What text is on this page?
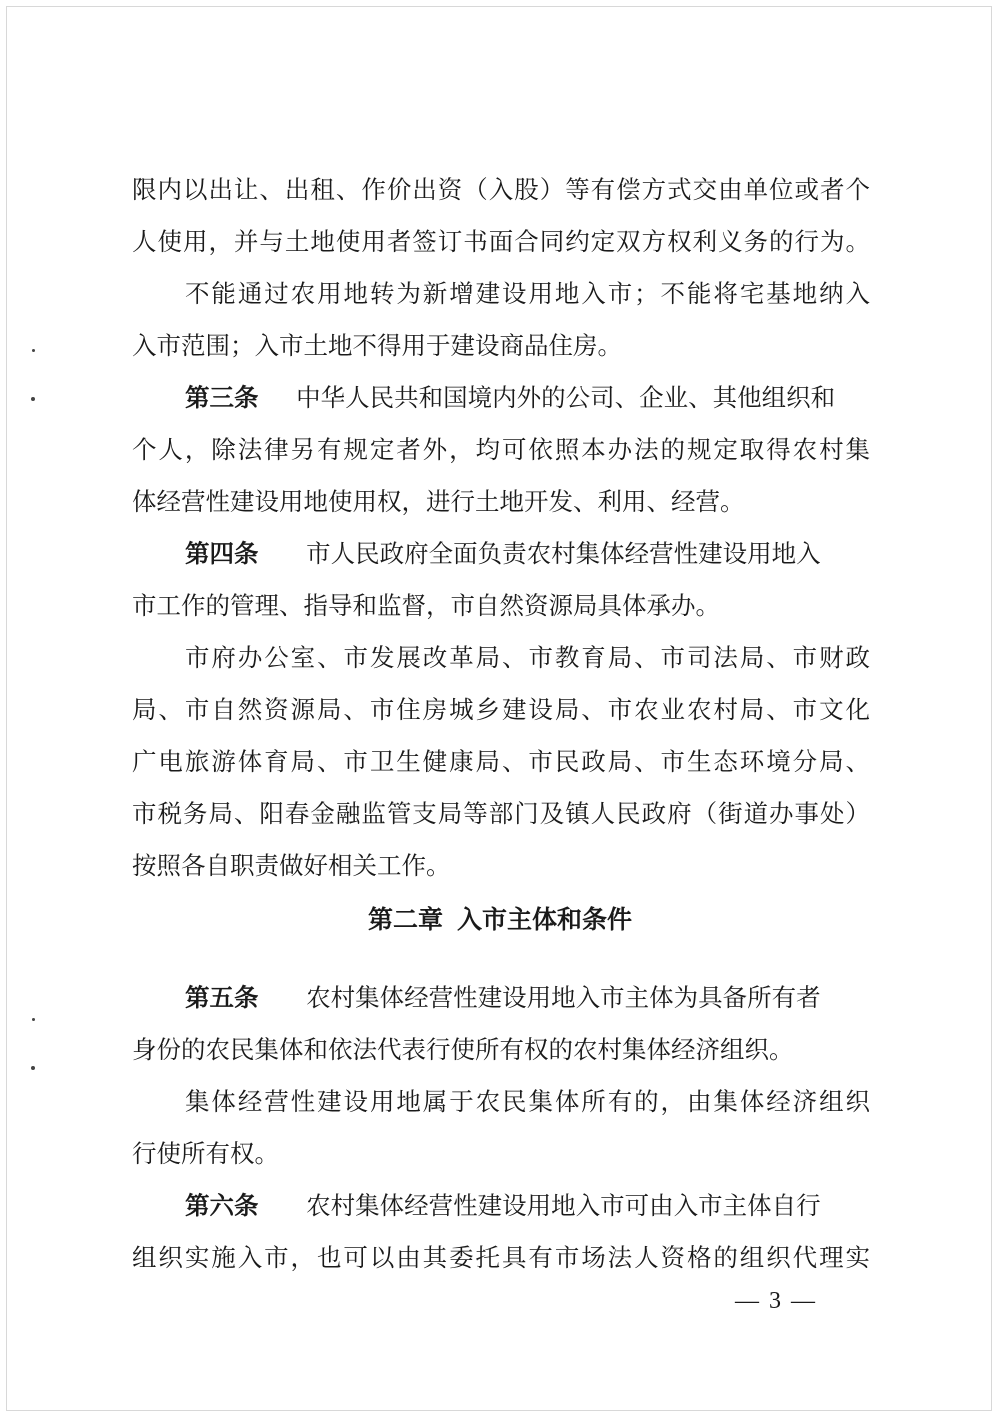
限内以出让、出租、作价出资（入股）等有偿方式交由单位或者个
人使用，并与土地使用者签订书面合同约定双方权利义务的行为。
不能通过农用地转为新增建设用地入市；不能将宅基地纳入
入市范围；入市土地不得用于建设商品住房。
第三条 中华人民共和国境内外的公司、企业、其他组织和
个人，除法律另有规定者外，均可依照本办法的规定取得农村集
体经营性建设用地使用权，进行土地开发、利用、经营。
第四条 市人民政府全面负责农村集体经营性建设用地入
市工作的管理、指导和监督，市自然资源局具体承办。
市府办公室、市发展改革局、市教育局、市司法局、市财政
局、市自然资源局、市住房城乡建设局、市农业农村局、市文化
广电旅游体育局、市卫生健康局、市民政局、市生态环境分局、
市税务局、阳春金融监管支局等部门及镇人民政府（街道办事处）
按照各自职责做好相关工作。
第二章 入市主体和条件
第五条 农村集体经营性建设用地入市主体为具备所有者
身份的农民集体和依法代表行使所有权的农村集体经济组织。
集体经营性建设用地属于农民集体所有的，由集体经济组织
行使所有权。
第六条 农村集体经营性建设用地入市可由入市主体自行
组织实施入市，也可以由其委托具有市场法人资格的组织代理实
— 3 —
